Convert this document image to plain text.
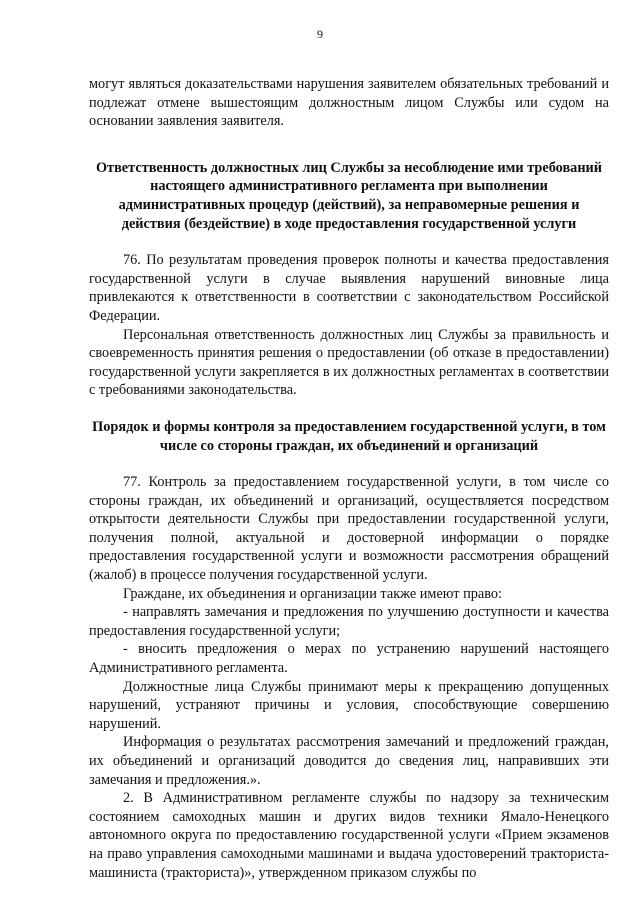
9

могут являться доказательствами нарушения заявителем обязательных требований и подлежат отмене вышестоящим должностным лицом Службы или судом на основании заявления заявителя.

Ответственность должностных лиц Службы за несоблюдение ими требований настоящего административного регламента при выполнении административных процедур (действий), за неправомерные решения и действия (бездействие) в ходе предоставления государственной услуги

76. По результатам проведения проверок полноты и качества предоставления государственной услуги в случае выявления нарушений виновные лица привлекаются к ответственности в соответствии с законодательством Российской Федерации.

Персональная ответственность должностных лиц Службы за правильность и своевременность принятия решения о предоставлении (об отказе в предоставлении) государственной услуги закрепляется в их должностных регламентах в соответствии с требованиями законодательства.

Порядок и формы контроля за предоставлением государственной услуги, в том числе со стороны граждан, их объединений и организаций

77. Контроль за предоставлением государственной услуги, в том числе со стороны граждан, их объединений и организаций, осуществляется посредством открытости деятельности Службы при предоставлении государственной услуги, получения полной, актуальной и достоверной информации о порядке предоставления государственной услуги и возможности рассмотрения обращений (жалоб) в процессе получения государственной услуги.

Граждане, их объединения и организации также имеют право:

- направлять замечания и предложения по улучшению доступности и качества предоставления государственной услуги;

- вносить предложения о мерах по устранению нарушений настоящего Административного регламента.

Должностные лица Службы принимают меры к прекращению допущенных нарушений, устраняют причины и условия, способствующие совершению нарушений.

Информация о результатах рассмотрения замечаний и предложений граждан, их объединений и организаций доводится до сведения лиц, направивших эти замечания и предложения.».

2. В Административном регламенте службы по надзору за техническим состоянием самоходных машин и других видов техники Ямало-Ненецкого автономного округа по предоставлению государственной услуги «Прием экзаменов на право управления самоходными машинами и выдача удостоверений тракториста-машиниста (тракториста)», утвержденном приказом службы по
